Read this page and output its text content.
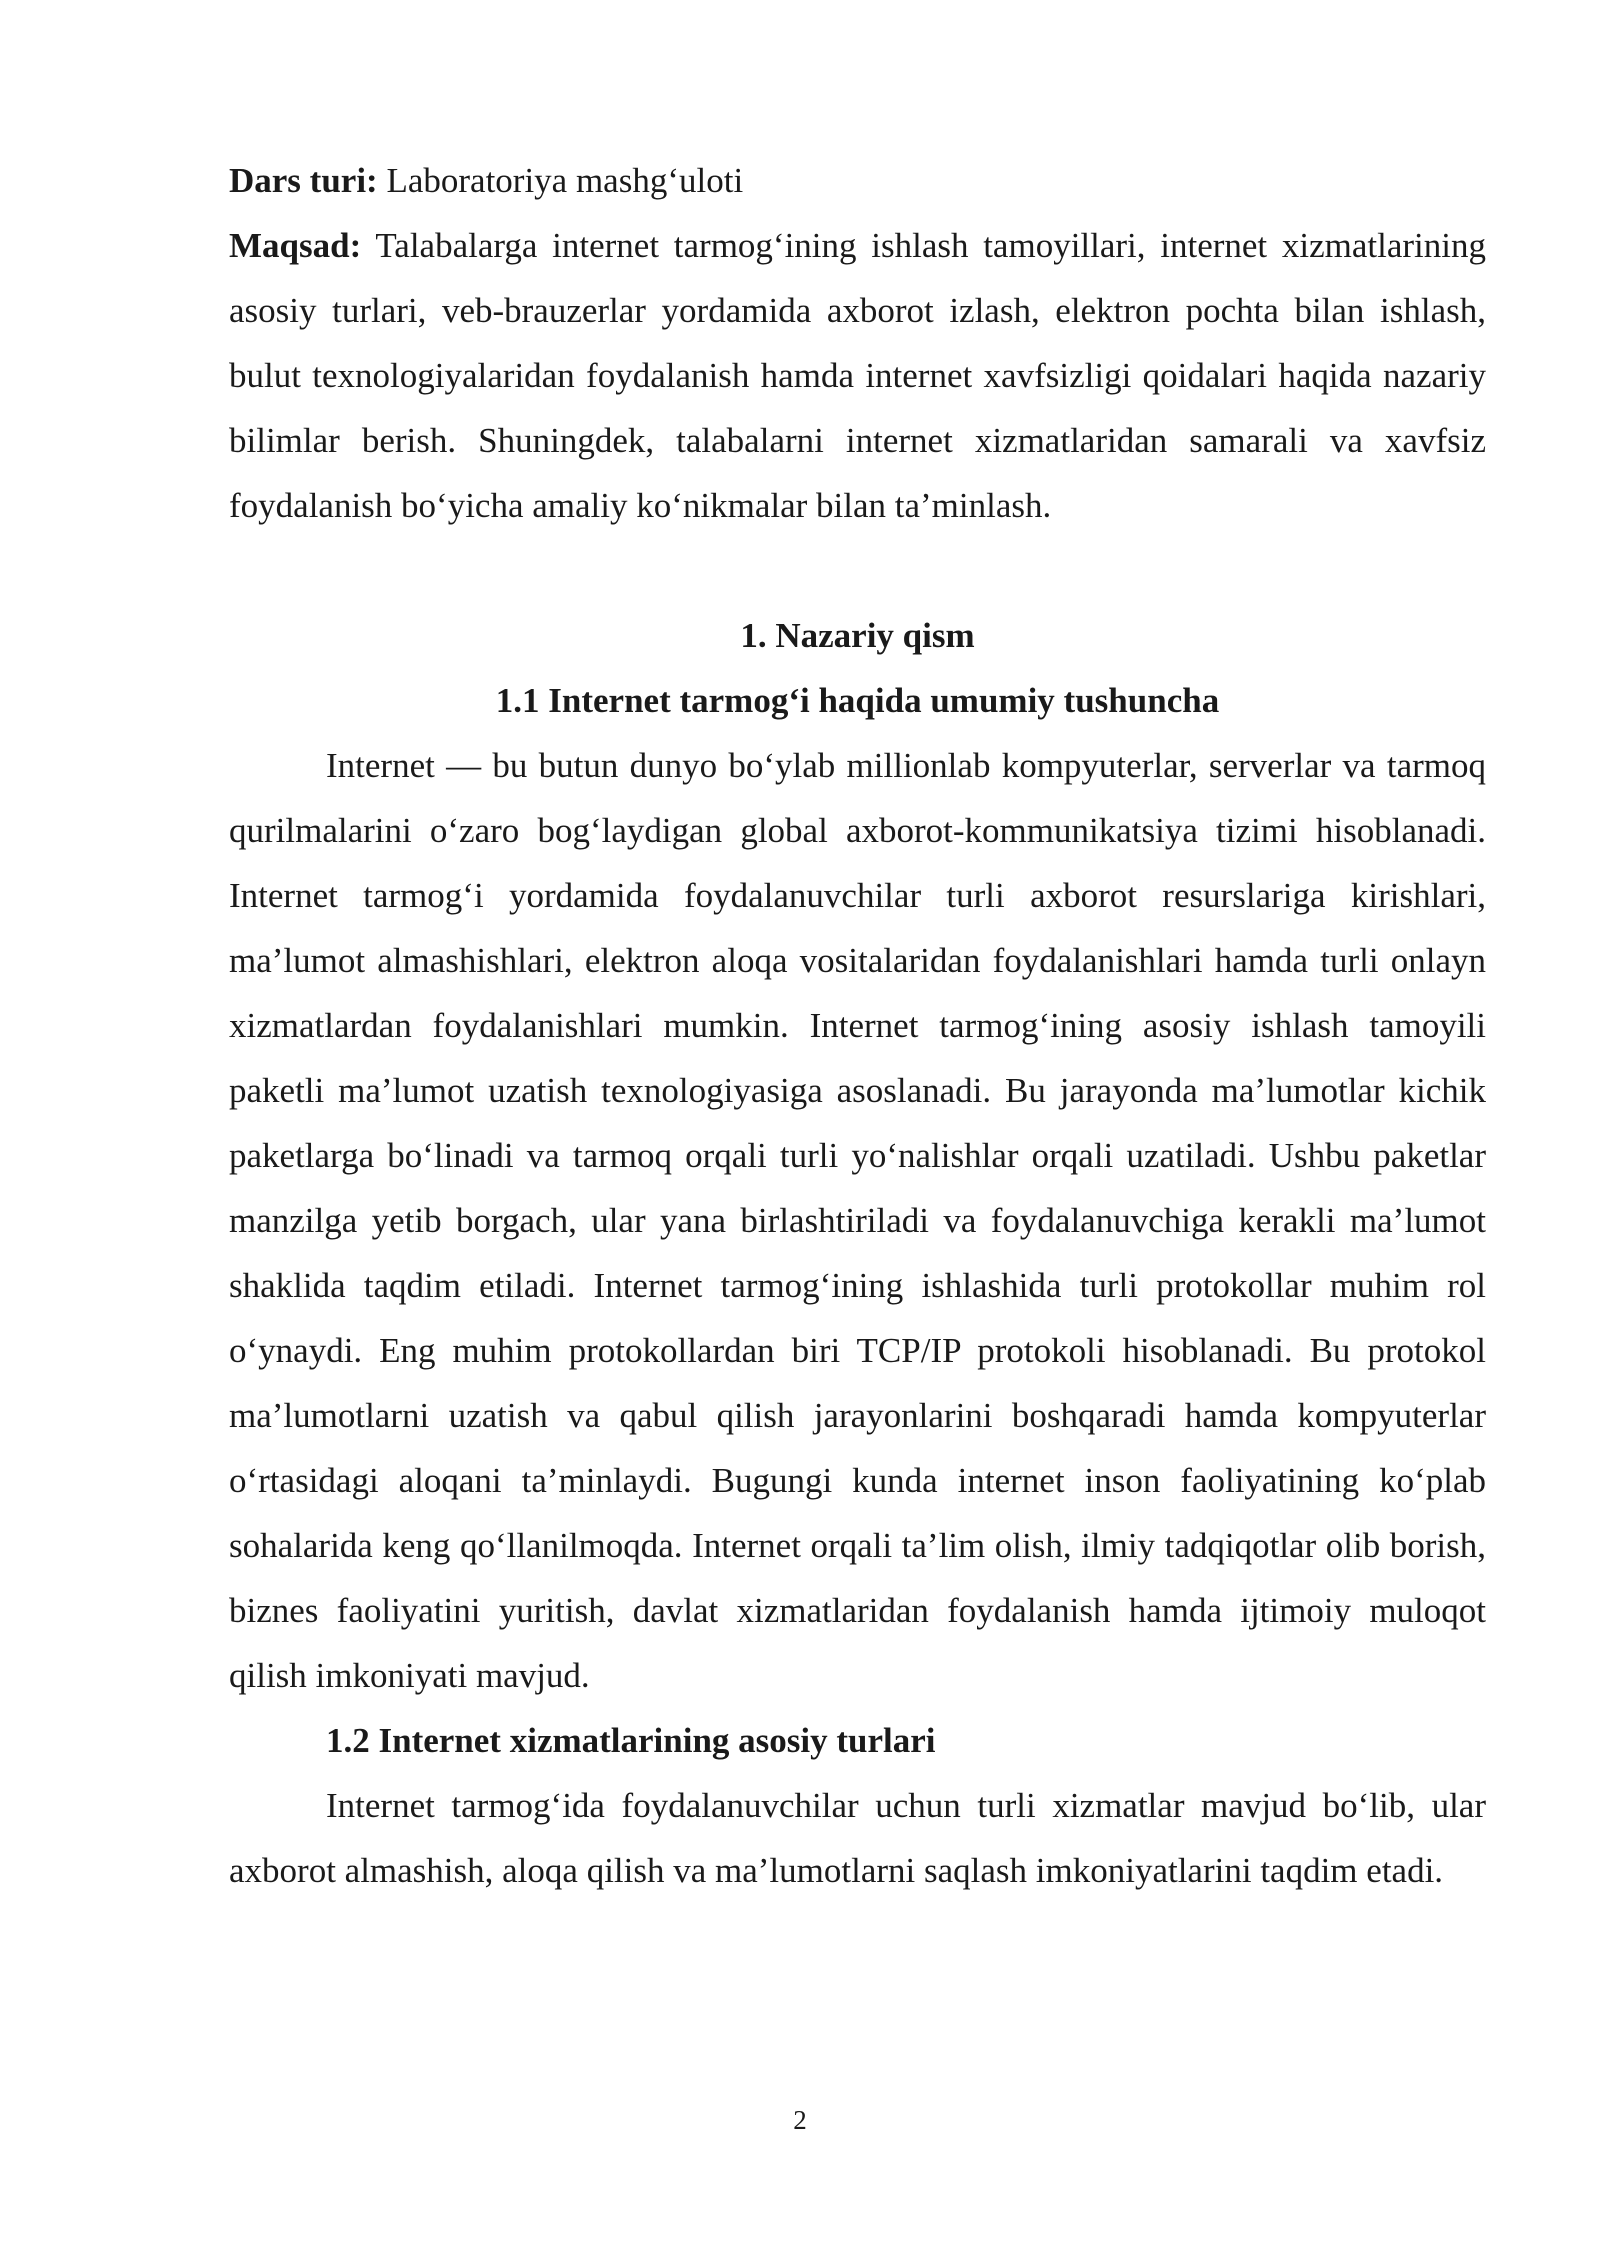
Dars turi: Laboratoriya mashg‘uloti

Maqsad: Talabalarga internet tarmog‘ining ishlash tamoyillari, internet xizmatlarining asosiy turlari, veb-brauzerlar yordamida axborot izlash, elektron pochta bilan ishlash, bulut texnologiyalaridan foydalanish hamda internet xavfsizligi qoidalari haqida nazariy bilimlar berish. Shuningdek, talabalarni internet xizmatlaridan samarali va xavfsiz foydalanish bo‘yicha amaliy ko‘nikmalar bilan ta’minlash.

1. Nazariy qism
1.1 Internet tarmog‘i haqida umumiy tushuncha

Internet — bu butun dunyo bo‘ylab millionlab kompyuterlar, serverlar va tarmoq qurilmalarini o‘zaro bog‘laydigan global axborot-kommunikatsiya tizimi hisoblanadi. Internet tarmog‘i yordamida foydalanuvchilar turli axborot resurslariga kirishlari, ma’lumot almashishlari, elektron aloqa vositalaridan foydalanishlari hamda turli onlayn xizmatlardan foydalanishlari mumkin. Internet tarmog‘ining asosiy ishlash tamoyili paketli ma’lumot uzatish texnologiyasiga asoslanadi. Bu jarayonda ma’lumotlar kichik paketlarga bo‘linadi va tarmoq orqali turli yo‘nalishlar orqali uzatiladi. Ushbu paketlar manzilga yetib borgach, ular yana birlashtiriladi va foydalanuvchiga kerakli ma’lumot shaklida taqdim etiladi. Internet tarmog‘ining ishlashida turli protokollar muhim rol o‘ynaydi. Eng muhim protokollardan biri TCP/IP protokoli hisoblanadi. Bu protokol ma’lumotlarni uzatish va qabul qilish jarayonlarini boshqaradi hamda kompyuterlar o‘rtasidagi aloqani ta’minlaydi. Bugungi kunda internet inson faoliyatining ko‘plab sohalarida keng qo‘llanilmoqda. Internet orqali ta’lim olish, ilmiy tadqiqotlar olib borish, biznes faoliyatini yuritish, davlat xizmatlaridan foydalanish hamda ijtimoiy muloqot qilish imkoniyati mavjud.

1.2 Internet xizmatlarining asosiy turlari

Internet tarmog‘ida foydalanuvchilar uchun turli xizmatlar mavjud bo‘lib, ular axborot almashish, aloqa qilish va ma’lumotlarni saqlash imkoniyatlarini taqdim etadi.

2
